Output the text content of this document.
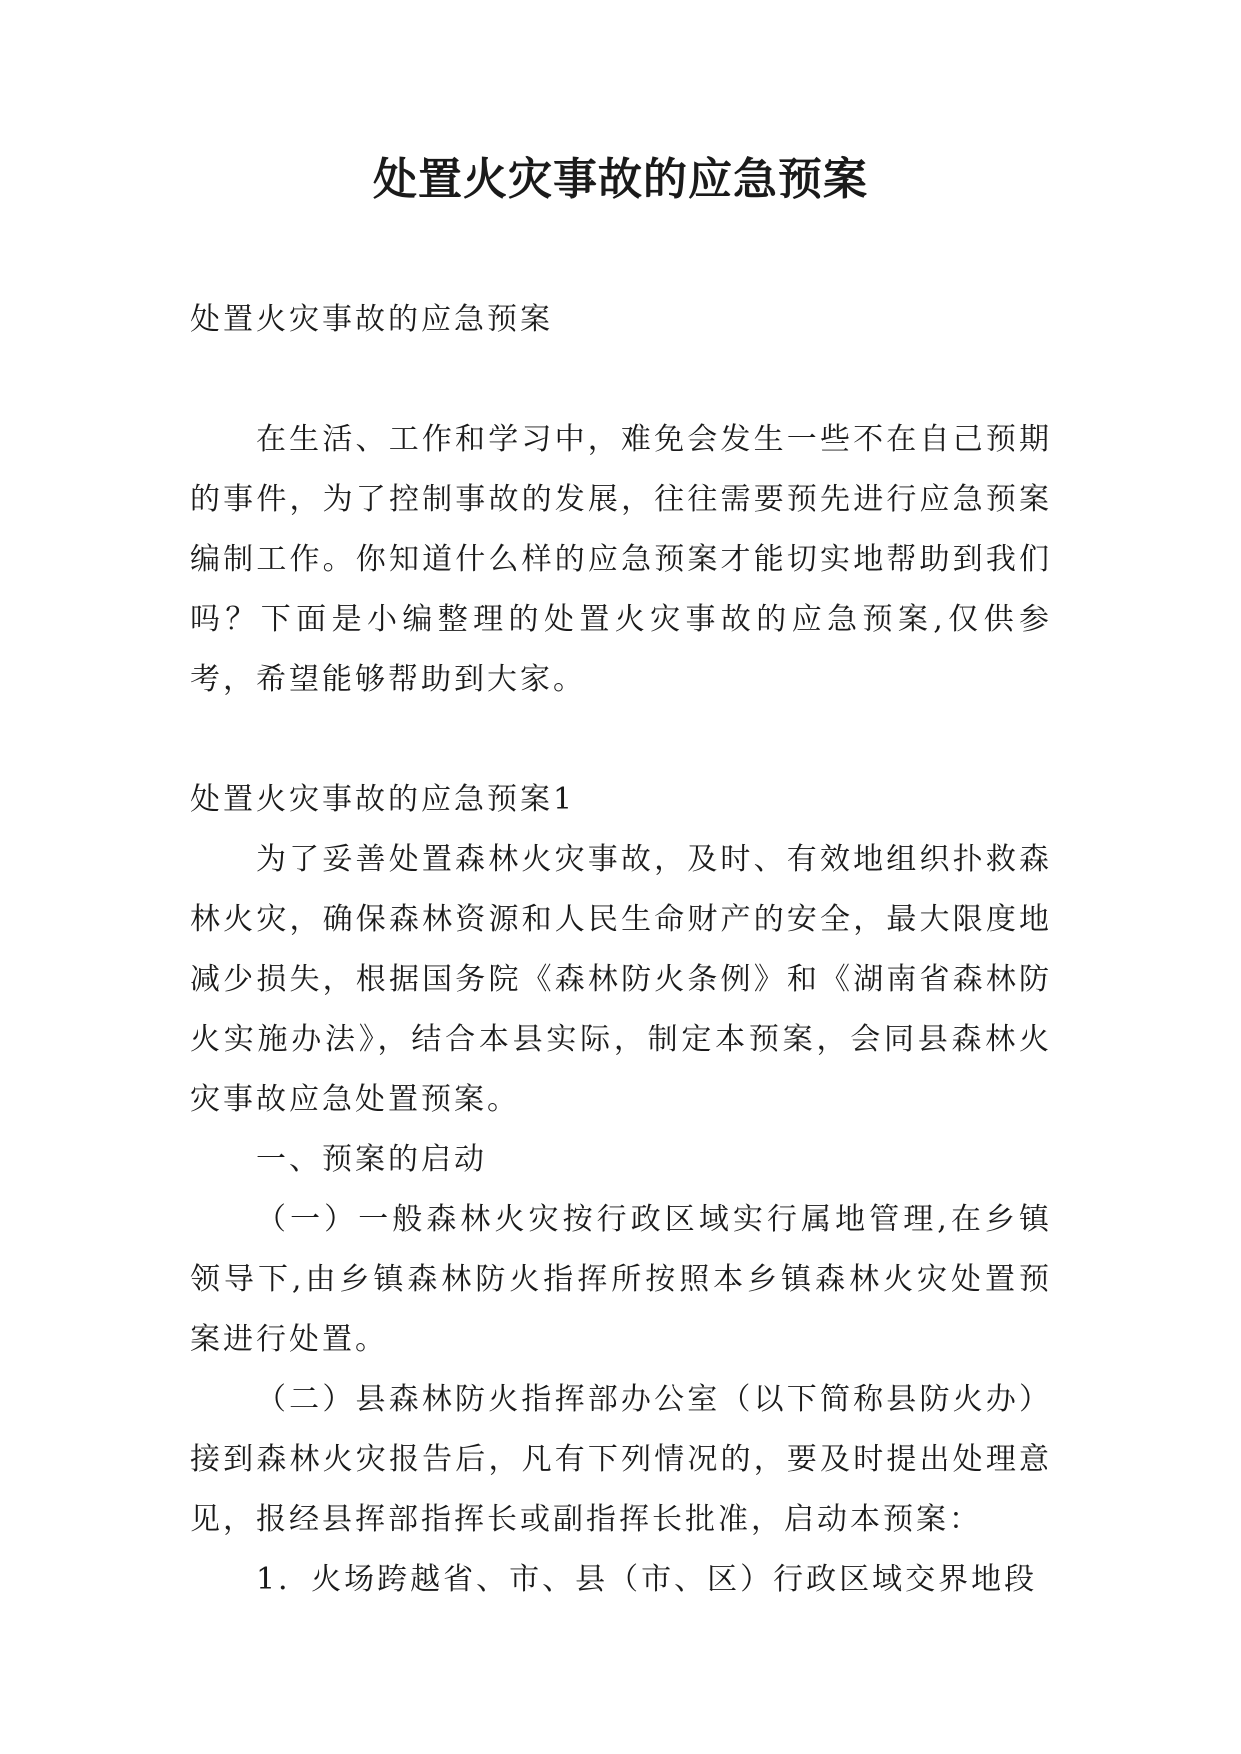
处置火灾事故的应急预案

处置火灾事故的应急预案

在生活、工作和学习中，难免会发生一些不在自己预期的事件，为了控制事故的发展，往往需要预先进行应急预案编制工作。你知道什么样的应急预案才能切实地帮助到我们吗？下面是小编整理的处置火灾事故的应急预案,仅供参考，希望能够帮助到大家。

处置火灾事故的应急预案1

为了妥善处置森林火灾事故，及时、有效地组织扑救森林火灾，确保森林资源和人民生命财产的安全，最大限度地减少损失，根据国务院《森林防火条例》和《湖南省森林防火实施办法》，结合本县实际，制定本预案，会同县森林火灾事故应急处置预案。

一、预案的启动

（一）一般森林火灾按行政区域实行属地管理,在乡镇领导下,由乡镇森林防火指挥所按照本乡镇森林火灾处置预案进行处置。

（二）县森林防火指挥部办公室（以下简称县防火办）接到森林火灾报告后，凡有下列情况的，要及时提出处理意见，报经县挥部指挥长或副指挥长批准，启动本预案：

1．火场跨越省、市、县（市、区）行政区域交界地段
